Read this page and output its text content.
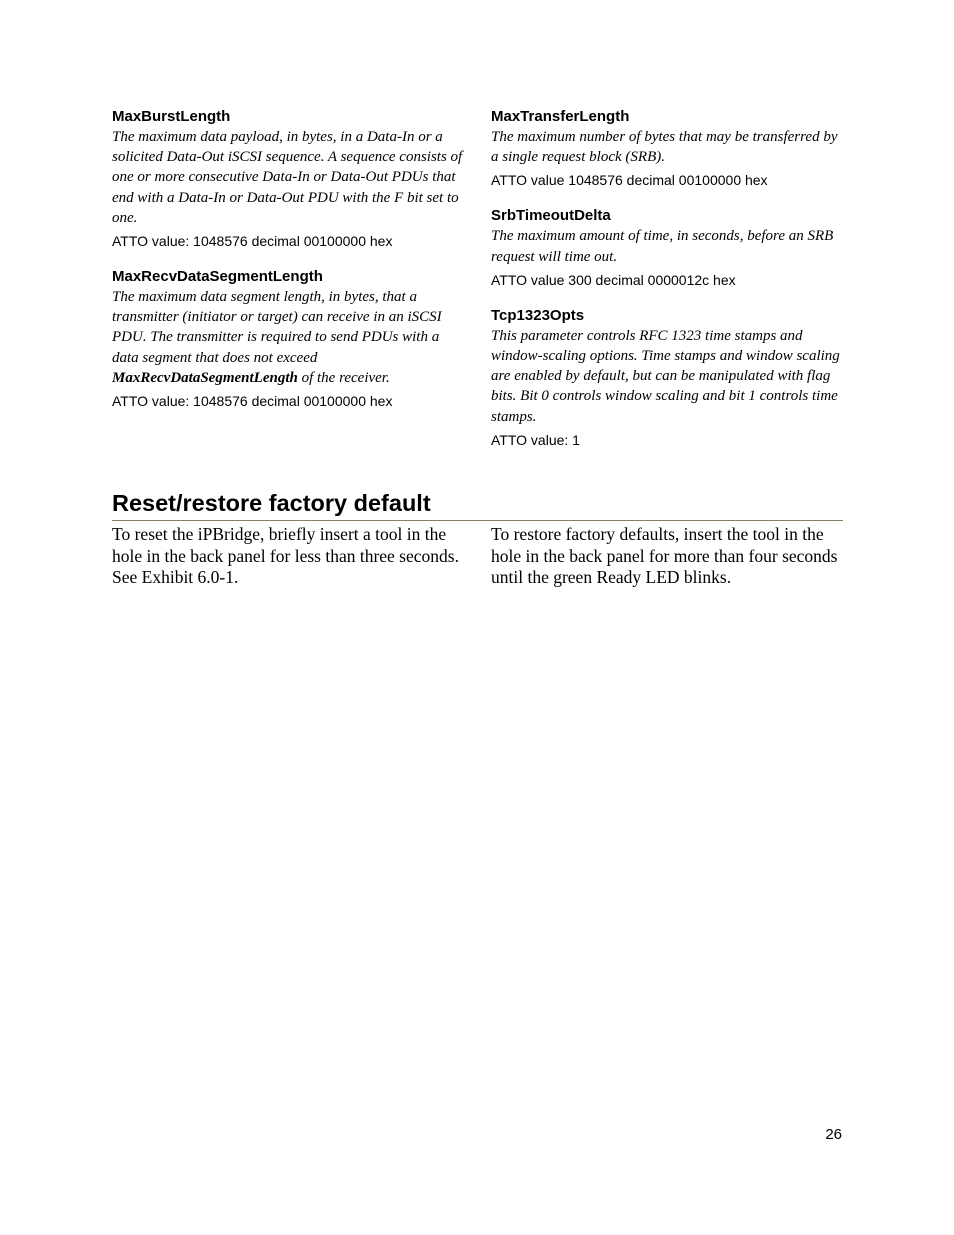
MaxBurstLength

The maximum data payload, in bytes, in a Data-In or a solicited Data-Out iSCSI sequence. A sequence consists of one or more consecutive Data-In or Data-Out PDUs that end with a Data-In or Data-Out PDU with the F bit set to one.

ATTO value: 1048576 decimal 00100000 hex

MaxRecvDataSegmentLength

The maximum data segment length, in bytes, that a transmitter (initiator or target) can receive in an iSCSI PDU. The transmitter is required to send PDUs with a data segment that does not exceed MaxRecvDataSegmentLength of the receiver.

ATTO value: 1048576 decimal 00100000 hex

MaxTransferLength

The maximum number of bytes that may be transferred by a single request block (SRB).

ATTO value 1048576 decimal 00100000 hex

SrbTimeoutDelta

The maximum amount of time, in seconds, before an SRB request will time out.

ATTO value 300 decimal 0000012c hex

Tcp1323Opts

This parameter controls RFC 1323 time stamps and window-scaling options. Time stamps and window scaling are enabled by default, but can be manipulated with flag bits. Bit 0 controls window scaling and bit 1 controls time stamps.

ATTO value: 1

Reset/restore factory default

To reset the iPBridge, briefly insert a tool in the hole in the back panel for less than three seconds. See Exhibit 6.0-1.

To restore factory defaults, insert the tool in the hole in the back panel for more than four seconds until the green Ready LED blinks.

26
